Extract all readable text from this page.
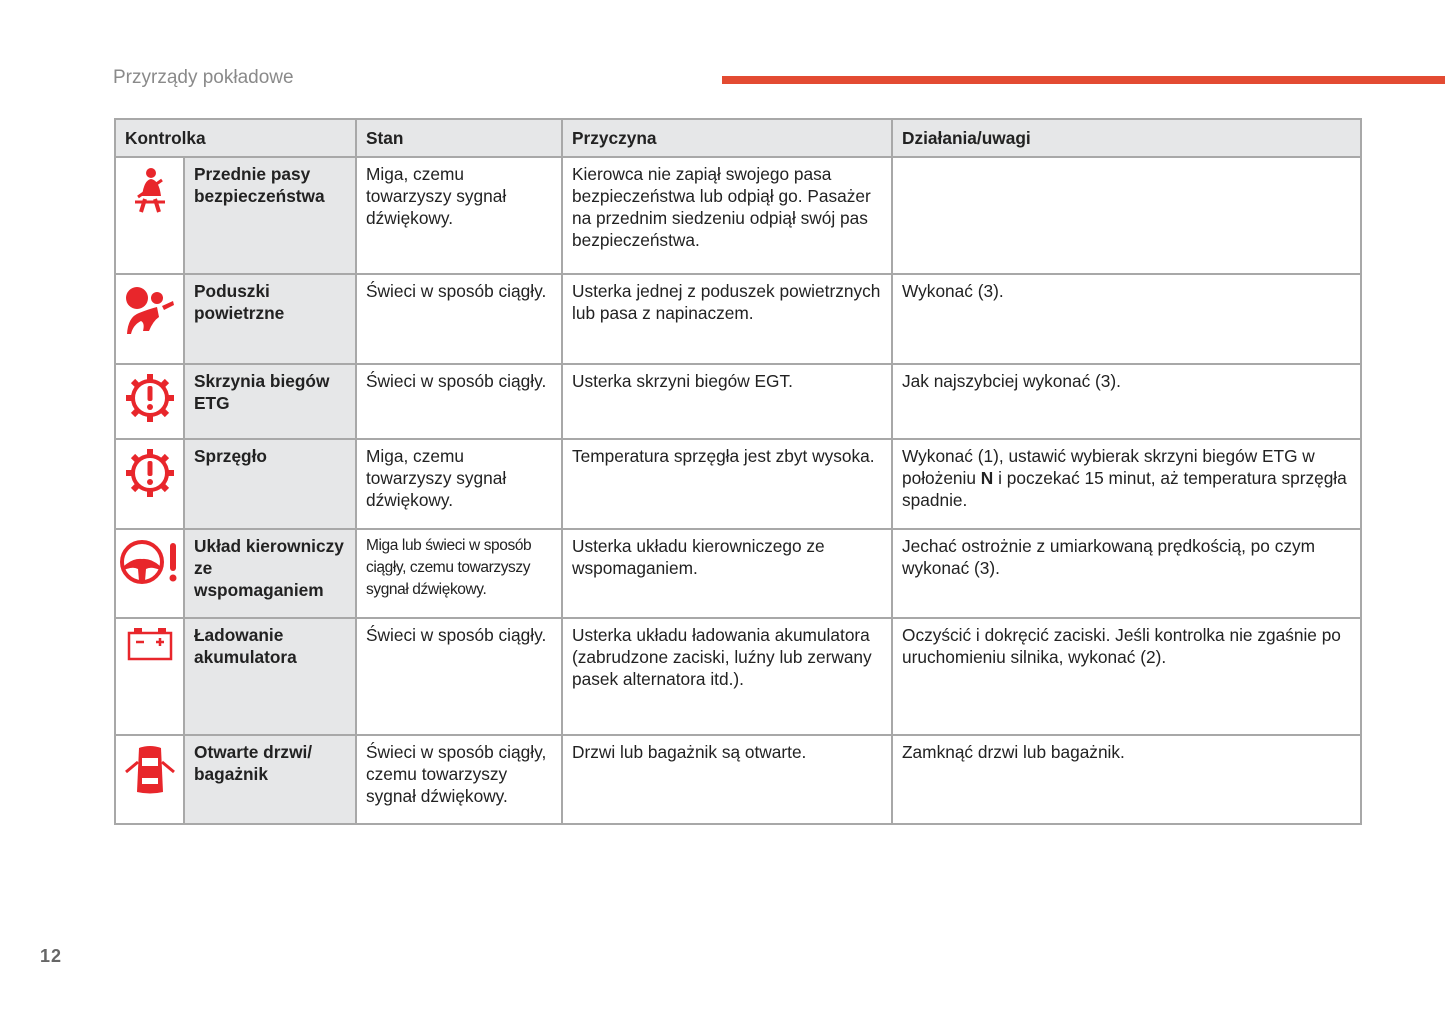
Przyrządy pokładowe
Kontrolka		Stan	Przyczyna	Działania/uwagi

	Przednie pasy bezpieczeństwa	Miga, czemu towarzyszy sygnał dźwiękowy.	Kierowca nie zapiął swojego pasa bezpieczeństwa lub odpiął go. Pasażer na przednim siedzeniu odpiął swój pas bezpieczeństwa.	

	Poduszki powietrzne	Świeci w sposób ciągły.	Usterka jednej z poduszek powietrznych lub pasa z napinaczem.	Wykonać (3).

	Skrzynia biegów ETG	Świeci w sposób ciągły.	Usterka skrzyni biegów EGT.	Jak najszybciej wykonać (3).

	Sprzęgło	Miga, czemu towarzyszy sygnał dźwiękowy.	Temperatura sprzęgła jest zbyt wysoka.	Wykonać (1), ustawić wybierak skrzyni biegów ETG w położeniu N i poczekać 15 minut, aż temperatura sprzęgła spadnie.

	Układ kierowniczy ze wspomaganiem	Miga lub świeci w sposób ciągły, czemu towarzyszy sygnał dźwiękowy.	Usterka układu kierowniczego ze wspomaganiem.	Jechać ostrożnie z umiarkowaną prędkością, po czym wykonać (3).

	Ładowanie akumulatora	Świeci w sposób ciągły.	Usterka układu ładowania akumulatora (zabrudzone zaciski, luźny lub zerwany pasek alternatora itd.).	Oczyścić i dokręcić zaciski. Jeśli kontrolka nie zgaśnie po uruchomieniu silnika, wykonać (2).

	Otwarte drzwi/ bagażnik	Świeci w sposób ciągły, czemu towarzyszy sygnał dźwiękowy.	Drzwi lub bagażnik są otwarte.	Zamknąć drzwi lub bagażnik.
12
